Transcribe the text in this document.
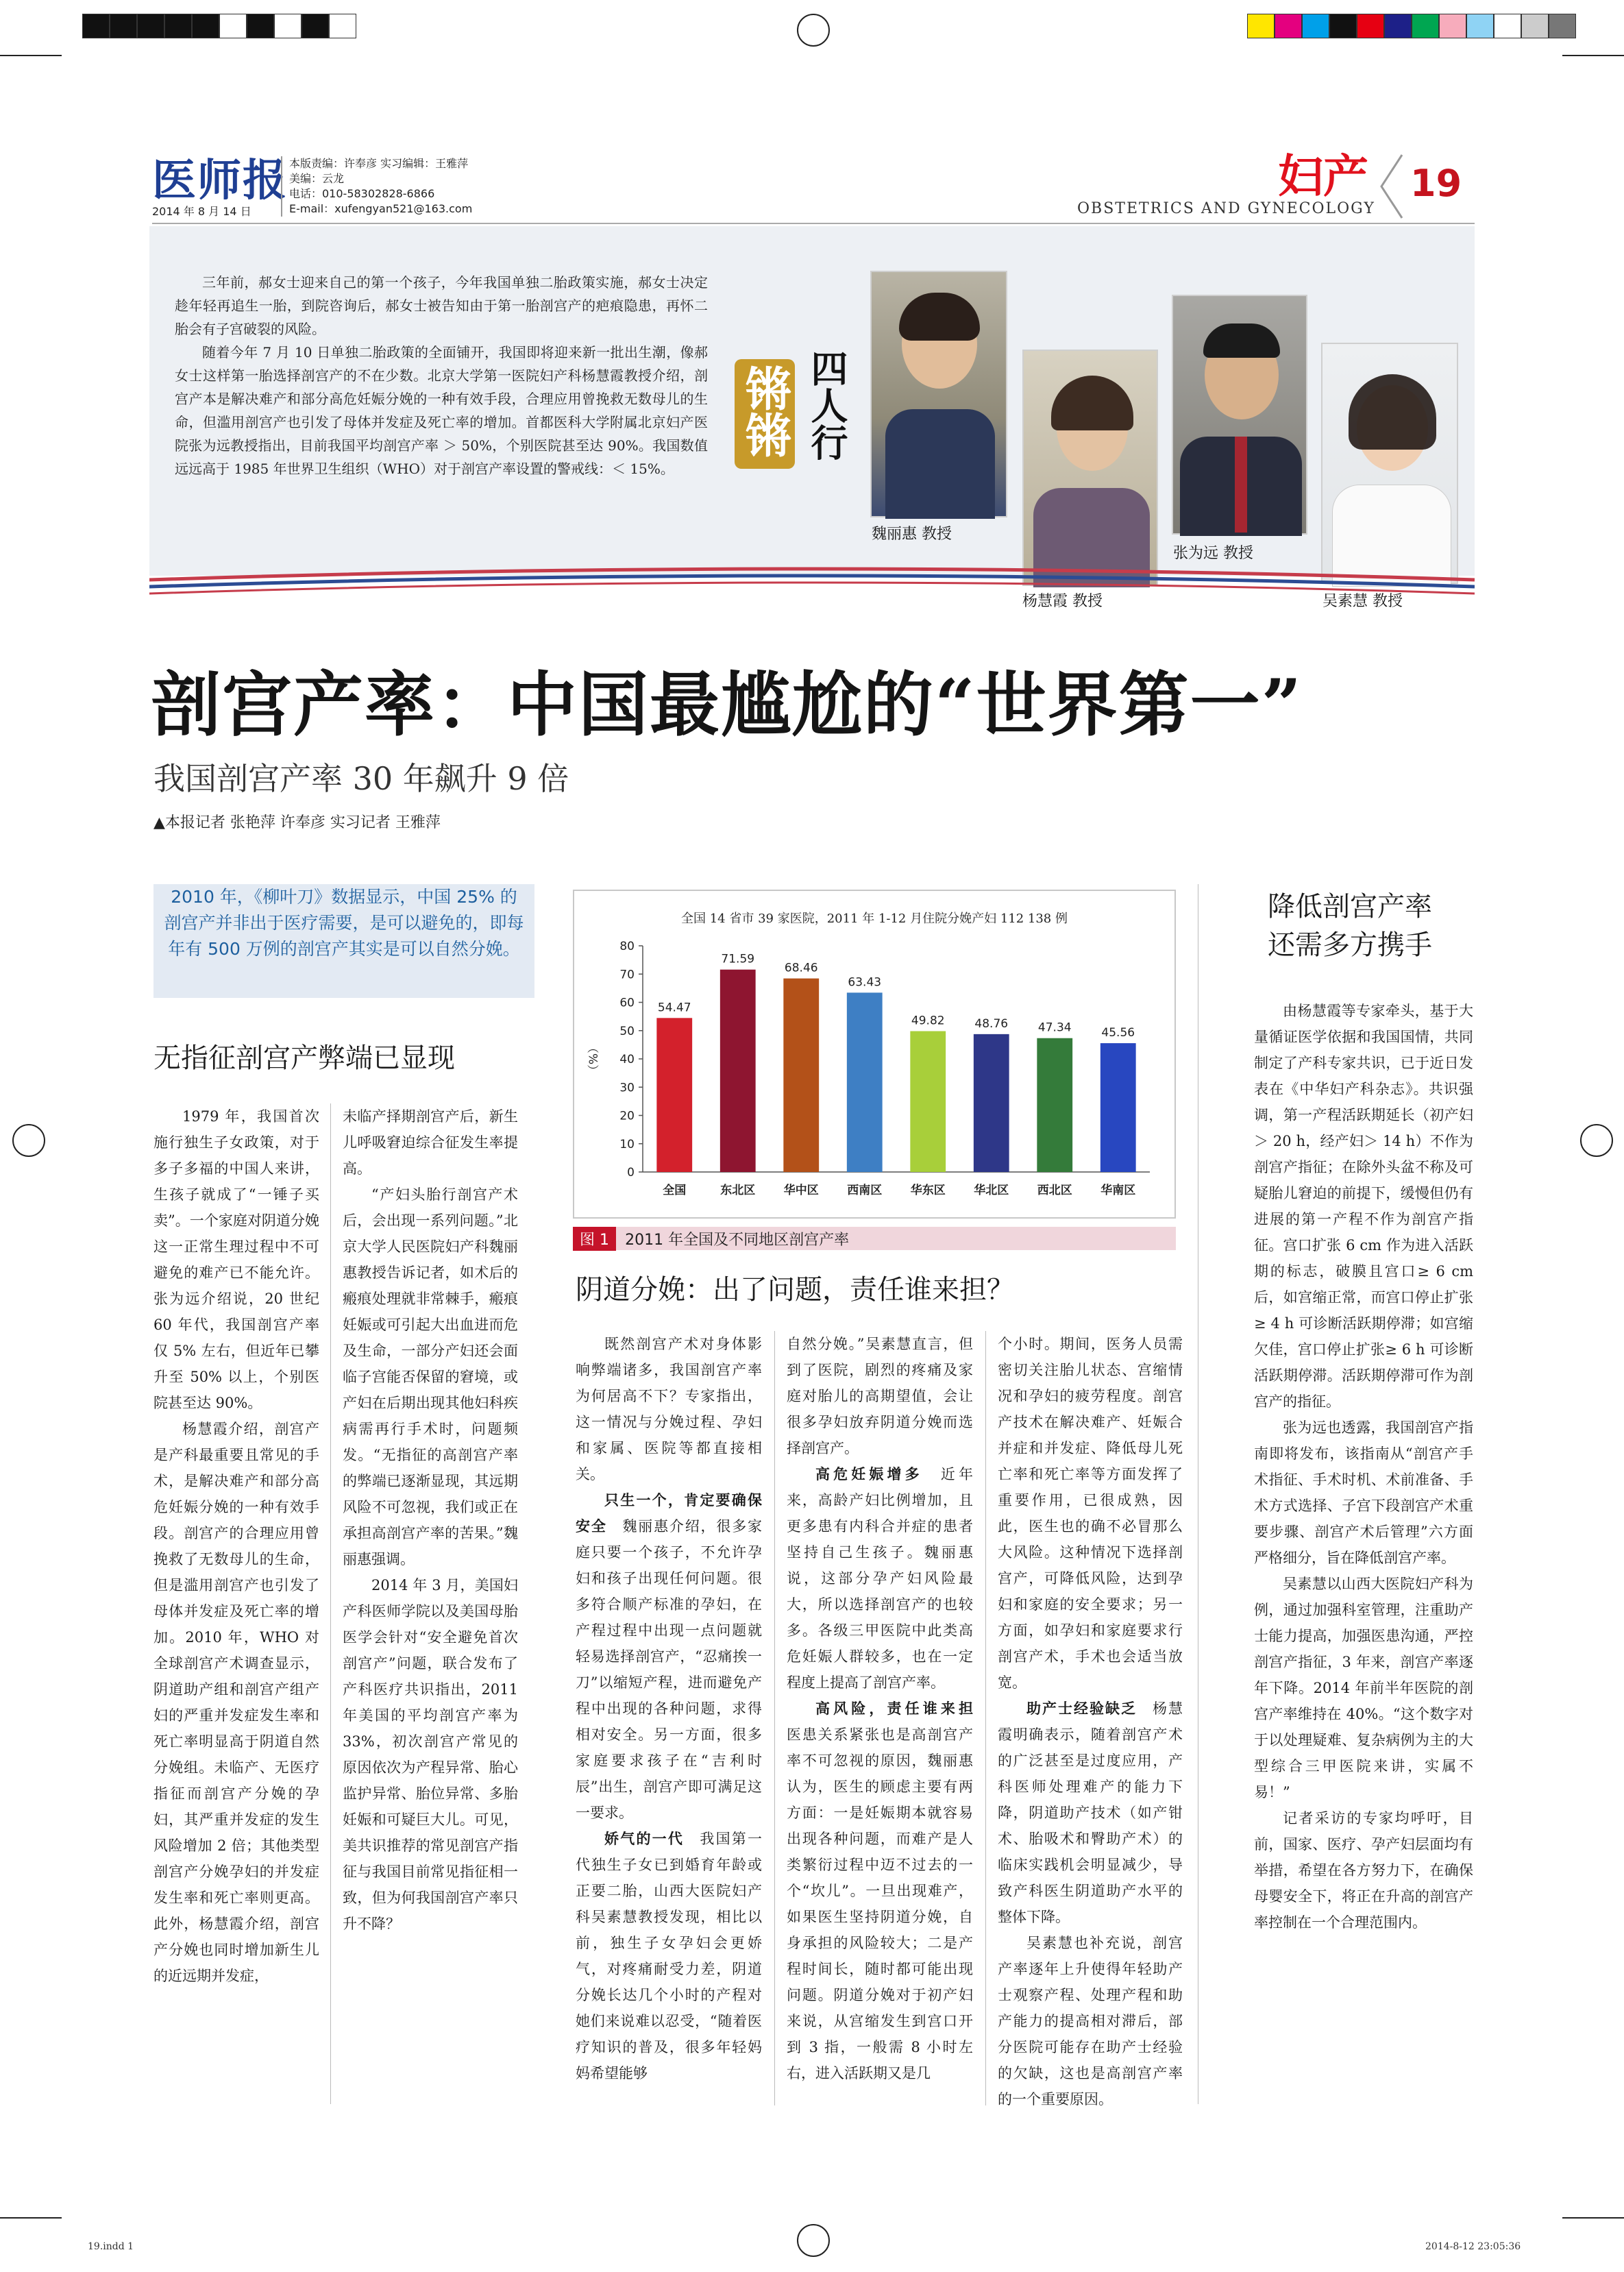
医师报
2014 年 8 月 14 日
本版责编：许奉彦 实习编辑：王雅萍
美编：云龙
电话：010-58302828-6866
E-mail：xufengyan521@163.com
妇产
OBSTETRICS AND GYNECOLOGY
19

三年前，郝女士迎来自己的第一个孩子，今年我国单独二胎政策实施，郝女士决定趁年轻再追生一胎，到院咨询后，郝女士被告知由于第一胎剖宫产的疤痕隐患，再怀二胎会有子宫破裂的风险。

随着今年 7 月 10 日单独二胎政策的全面铺开，我国即将迎来新一批出生潮，像郝女士这样第一胎选择剖宫产的不在少数。北京大学第一医院妇产科杨慧霞教授介绍，剖宫产本是解决难产和部分高危妊娠分娩的一种有效手段，合理应用曾挽救无数母儿的生命，但滥用剖宫产也引发了母体并发症及死亡率的增加。首都医科大学附属北京妇产医院张为远教授指出，目前我国平均剖宫产率 ＞ 50%，个别医院甚至达 90%。我国数值远远高于 1985 年世界卫生组织（WHO）对于剖宫产率设置的警戒线：＜ 15%。

锵锵 四人行
魏丽惠 教授
杨慧霞 教授
张为远 教授
吴素慧 教授
剖宫产率：中国最尴尬的“世界第一”
我国剖宫产率 30 年飙升 9 倍
▲本报记者 张艳萍 许奉彦 实习记者 王雅萍
2010 年，《柳叶刀》数据显示，中国 25% 的剖宫产并非出于医疗需要，是可以避免的，即每年有 500 万例的剖宫产其实是可以自然分娩。
无指征剖宫产弊端已显现

1979 年，我国首次施行独生子女政策，对于多子多福的中国人来讲，生孩子就成了“一锤子买卖”。一个家庭对阴道分娩这一正常生理过程中不可避免的难产已不能允许。张为远介绍说，20 世纪 60 年代，我国剖宫产率仅 5% 左右，但近年已攀升至 50% 以上，个别医院甚至达 90%。

杨慧霞介绍，剖宫产是产科最重要且常见的手术，是解决难产和部分高危妊娠分娩的一种有效手段。剖宫产的合理应用曾挽救了无数母儿的生命，但是滥用剖宫产也引发了母体并发症及死亡率的增加。2010 年，WHO 对全球剖宫产术调查显示，阴道助产组和剖宫产组产妇的严重并发症发生率和死亡率明显高于阴道自然分娩组。未临产、无医疗指征而剖宫产分娩的孕妇，其严重并发症的发生风险增加 2 倍；其他类型剖宫产分娩孕妇的并发症发生率和死亡率则更高。此外，杨慧霞介绍，剖宫产分娩也同时增加新生儿的近远期并发症，

未临产择期剖宫产后，新生儿呼吸窘迫综合征发生率提高。

“产妇头胎行剖宫产术后，会出现一系列问题。”北京大学人民医院妇产科魏丽惠教授告诉记者，如术后的瘢痕处理就非常棘手，瘢痕妊娠或可引起大出血进而危及生命，一部分产妇还会面临子宫能否保留的窘境，或产妇在后期出现其他妇科疾病需再行手术时，问题频发。“无指征的高剖宫产率的弊端已逐渐显现，其远期风险不可忽视，我们或正在承担高剖宫产率的苦果。”魏丽惠强调。

2014 年 3 月，美国妇产科医师学院以及美国母胎医学会针对“安全避免首次剖宫产”问题，联合发布了产科医疗共识指出，2011 年美国的平均剖宫产率为 33%，初次剖宫产常见的原因依次为产程异常、胎心监护异常、胎位异常、多胎妊娠和可疑巨大儿。可见，美共识推荐的常见剖宫产指征与我国目前常见指征相一致，但为何我国剖宫产率只升不降？

全国 14 省市 39 家医院，2011 年 1-12 月住院分娩产妇 112 138 例
0
10
20
30
40
50
60
70
80
（%）
54.47
全国
71.59
东北区
68.46
华中区
63.43
西南区
49.82
华东区
48.76
华北区
47.34
西北区
45.56
华南区
图 1 2011 年全国及不同地区剖宫产率
阴道分娩：出了问题，责任谁来担？

既然剖宫产术对身体影响弊端诸多，我国剖宫产率为何居高不下？专家指出，这一情况与分娩过程、孕妇和家属、医院等都直接相关。

只生一个，肯定要确保安全　 魏丽惠介绍，很多家庭只要一个孩子，不允许孕妇和孩子出现任何问题。很多符合顺产标准的孕妇，在产程过程中出现一点问题就轻易选择剖宫产，“忍痛挨一刀”以缩短产程，进而避免产程中出现的各种问题，求得相对安全。另一方面，很多家庭要求孩子在“吉利时辰”出生，剖宫产即可满足这一要求。

娇气的一代　 我国第一代独生子女已到婚育年龄或正要二胎，山西大医院妇产科吴素慧教授发现，相比以前，独生子女孕妇会更娇气，对疼痛耐受力差，阴道分娩长达几个小时的产程对她们来说难以忍受，“随着医疗知识的普及，很多年轻妈妈希望能够

自然分娩。”吴素慧直言，但到了医院，剧烈的疼痛及家庭对胎儿的高期望值，会让很多孕妇放弃阴道分娩而选择剖宫产。

高危妊娠增多　 近年来，高龄产妇比例增加，且更多患有内科合并症的患者坚持自己生孩子。魏丽惠说，这部分孕产妇风险最大，所以选择剖宫产的也较多。各级三甲医院中此类高危妊娠人群较多，也在一定程度上提高了剖宫产率。

高风险，责任谁来担　医患关系紧张也是高剖宫产率不可忽视的原因，魏丽惠认为，医生的顾虑主要有两方面：一是妊娠期本就容易出现各种问题，而难产是人类繁衍过程中迈不过去的一个“坎儿”。一旦出现难产，如果医生坚持阴道分娩，自身承担的风险较大；二是产程时间长，随时都可能出现问题。阴道分娩对于初产妇来说，从宫缩发生到宫口开到 3 指，一般需 8 小时左右，进入活跃期又是几

个小时。期间，医务人员需密切关注胎儿状态、宫缩情况和孕妇的疲劳程度。剖宫产技术在解决难产、妊娠合并症和并发症、降低母儿死亡率和死亡率等方面发挥了重要作用，已很成熟，因此，医生也的确不必冒那么大风险。这种情况下选择剖宫产，可降低风险，达到孕妇和家庭的安全要求；另一方面，如孕妇和家庭要求行剖宫产术，手术也会适当放宽。

助产士经验缺乏　 杨慧霞明确表示，随着剖宫产术的广泛甚至是过度应用，产科医师处理难产的能力下降，阴道助产技术（如产钳术、胎吸术和臀助产术）的临床实践机会明显减少，导致产科医生阴道助产水平的整体下降。

吴素慧也补充说，剖宫产率逐年上升使得年轻助产士观察产程、处理产程和助产能力的提高相对滞后，部分医院可能存在助产士经验的欠缺，这也是高剖宫产率的一个重要原因。

降低剖宫产率
还需多方携手

由杨慧霞等专家牵头，基于大量循证医学依据和我国国情，共同制定了产科专家共识，已于近日发表在《中华妇产科杂志》。共识强调，第一产程活跃期延长（初产妇＞ 20 h，经产妇＞ 14 h）不作为剖宫产指征；在除外头盆不称及可疑胎儿窘迫的前提下，缓慢但仍有进展的第一产程不作为剖宫产指征。宫口扩张 6 cm 作为进入活跃期的标志，破膜且宫口≥ 6 cm 后，如宫缩正常，而宫口停止扩张≥ 4 h 可诊断活跃期停滞；如宫缩欠佳，宫口停止扩张≥ 6 h 可诊断活跃期停滞。活跃期停滞可作为剖宫产的指征。

张为远也透露，我国剖宫产指南即将发布，该指南从“剖宫产手术指征、手术时机、术前准备、手术方式选择、子宫下段剖宫产术重要步骤、剖宫产术后管理”六方面严格细分，旨在降低剖宫产率。

吴素慧以山西大医院妇产科为例，通过加强科室管理，注重助产士能力提高，加强医患沟通，严控剖宫产指征，3 年来，剖宫产率逐年下降。2014 年前半年医院的剖宫产率维持在 40%。“这个数字对于以处理疑难、复杂病例为主的大型综合三甲医院来讲，实属不易！”

记者采访的专家均呼吁，目前，国家、医疗、孕产妇层面均有举措，希望在各方努力下，在确保母婴安全下，将正在升高的剖宫产率控制在一个合理范围内。

19.indd 1	2014-8-12 23:05:36
